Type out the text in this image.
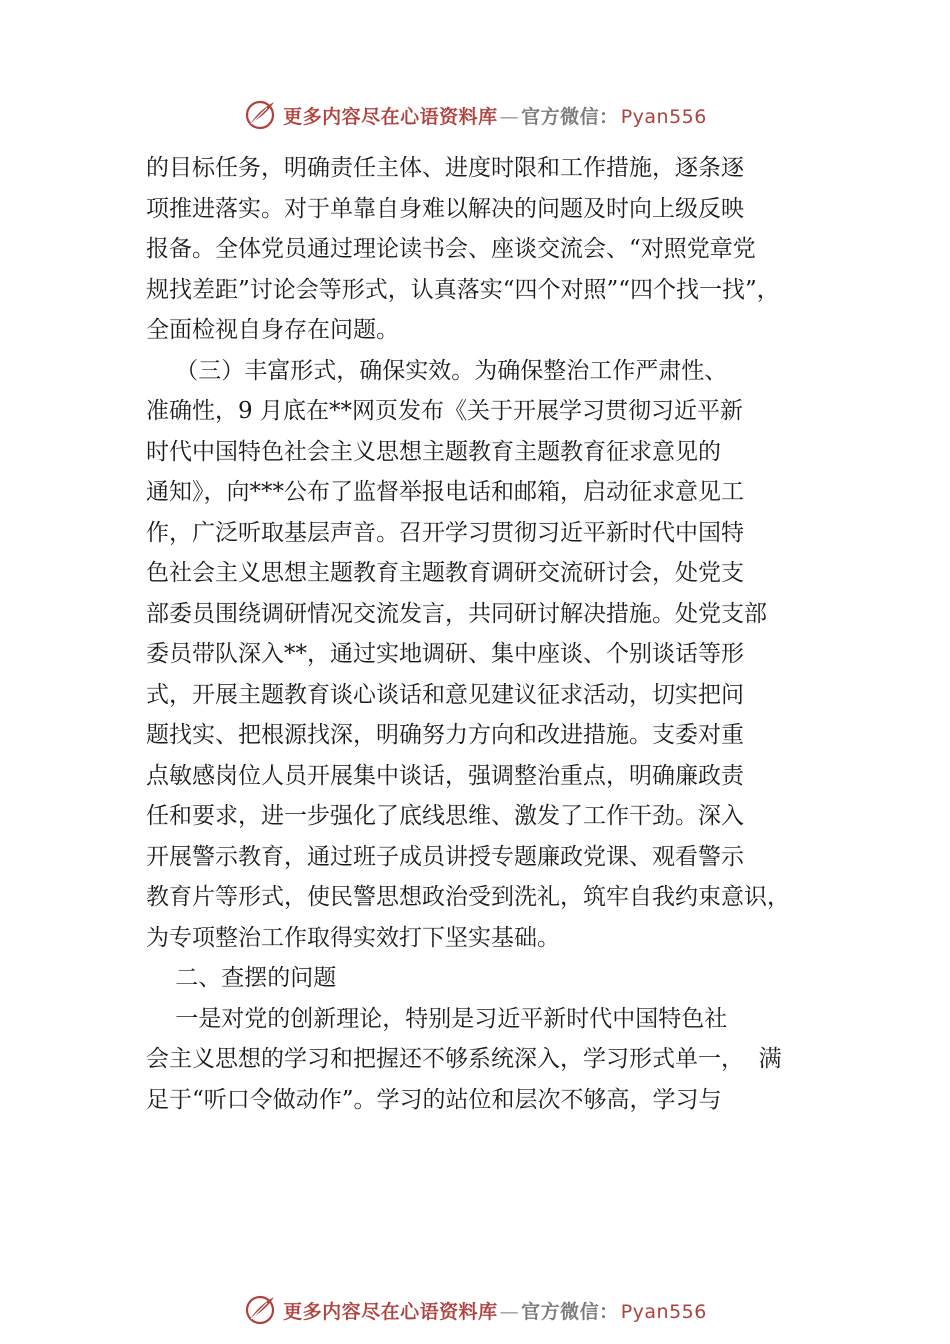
更多内容尽在心语资料库 — 官方微信： Pyan556
的目标任务，明确责任主体、进度时限和工作措施，逐条逐
项推进落实。对于单靠自身难以解决的问题及时向上级反映
报备。全体党员通过理论读书会、座谈交流会、“对照党章党
规找差距”讨论会等形式，认真落实“四个对照”“四个找一找”，
全面检视自身存在问题。
（三）丰富形式，确保实效。为确保整治工作严肃性、
准确性，9 月底在**网页发布《关于开展学习贯彻习近平新
时代中国特色社会主义思想主题教育主题教育征求意见的
通知》，向***公布了监督举报电话和邮箱，启动征求意见工
作，广泛听取基层声音。召开学习贯彻习近平新时代中国特
色社会主义思想主题教育主题教育调研交流研讨会，处党支
部委员围绕调研情况交流发言，共同研讨解决措施。处党支部
委员带队深入**，通过实地调研、集中座谈、个别谈话等形
式，开展主题教育谈心谈话和意见建议征求活动，切实把问
题找实、把根源找深，明确努力方向和改进措施。支委对重
点敏感岗位人员开展集中谈话，强调整治重点，明确廉政责
任和要求，进一步强化了底线思维、激发了工作干劲。深入
开展警示教育，通过班子成员讲授专题廉政党课、观看警示
教育片等形式，使民警思想政治受到洗礼，筑牢自我约束意识，
为专项整治工作取得实效打下坚实基础。
二、查摆的问题
一是对党的创新理论，特别是习近平新时代中国特色社
会主义思想的学习和把握还不够系统深入，学习形式单一，  满
足于“听口令做动作”。学习的站位和层次不够高，学习与
更多内容尽在心语资料库 — 官方微信： Pyan556
